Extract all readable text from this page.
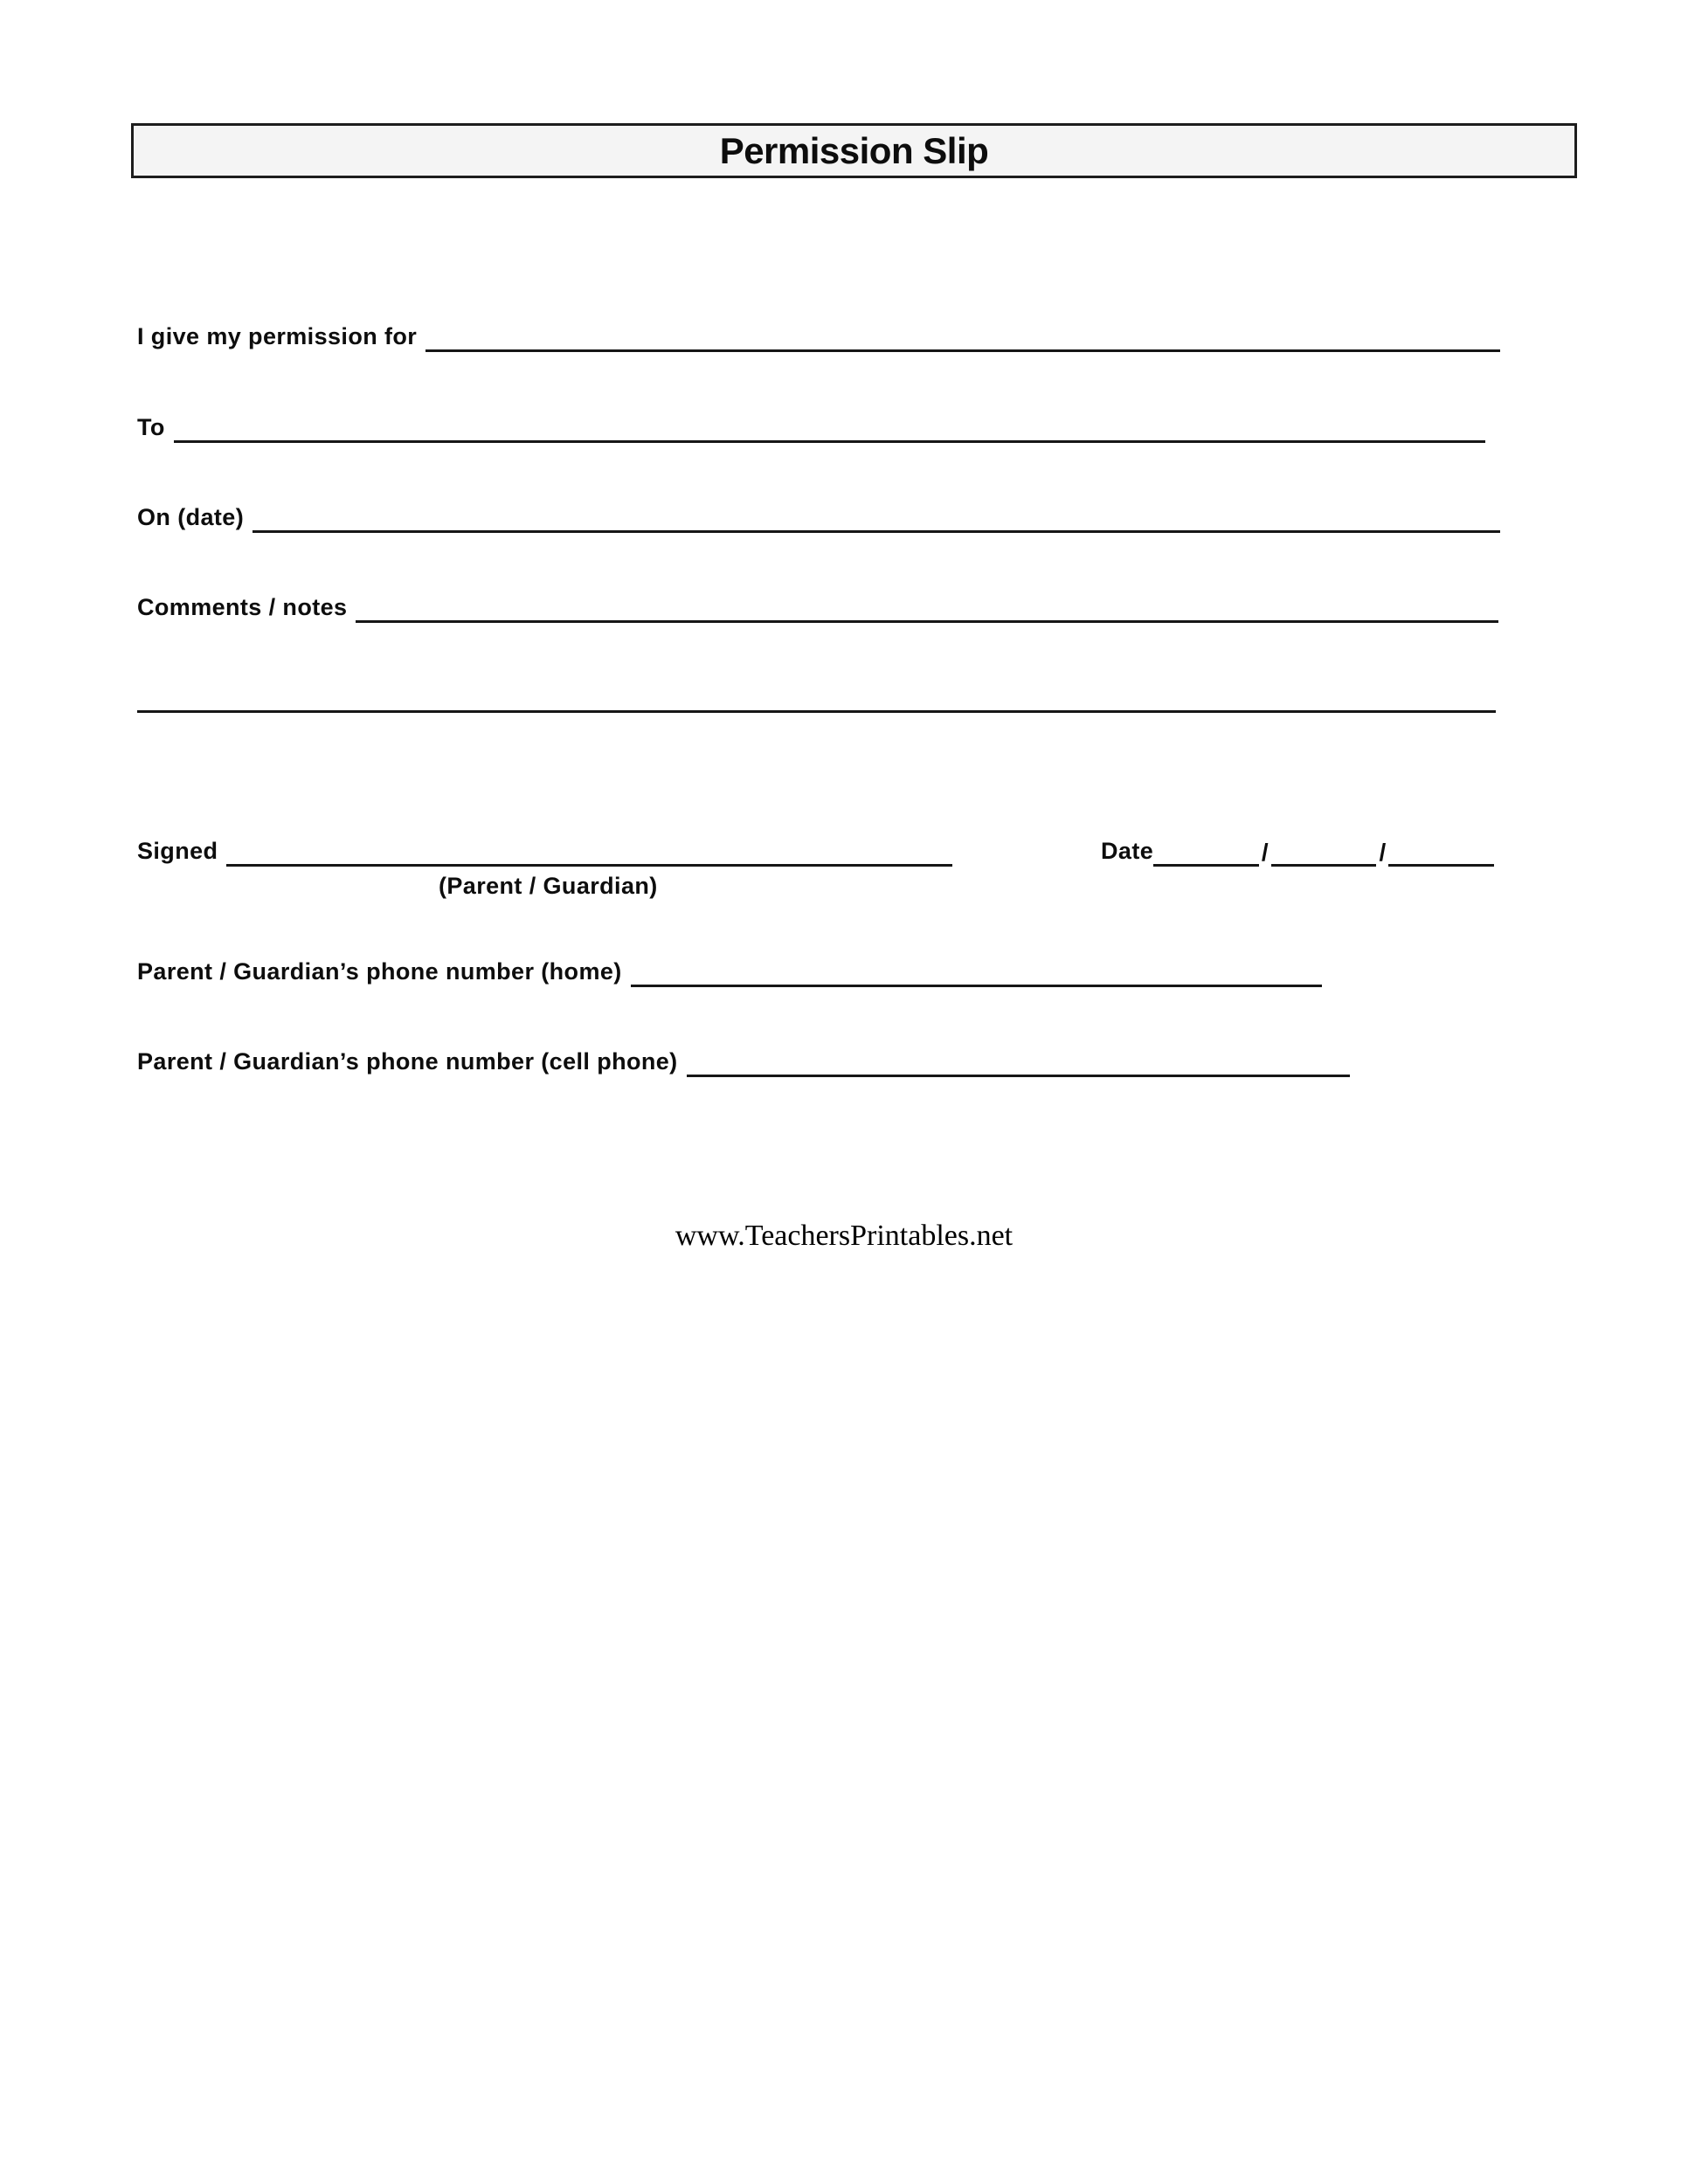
Permission Slip
I give my permission for
To
On (date)
Comments / notes
Signed	Date	/	/
(Parent / Guardian)
Parent / Guardian’s phone number (home)
Parent / Guardian’s phone number (cell phone)
www.TeachersPrintables.net
